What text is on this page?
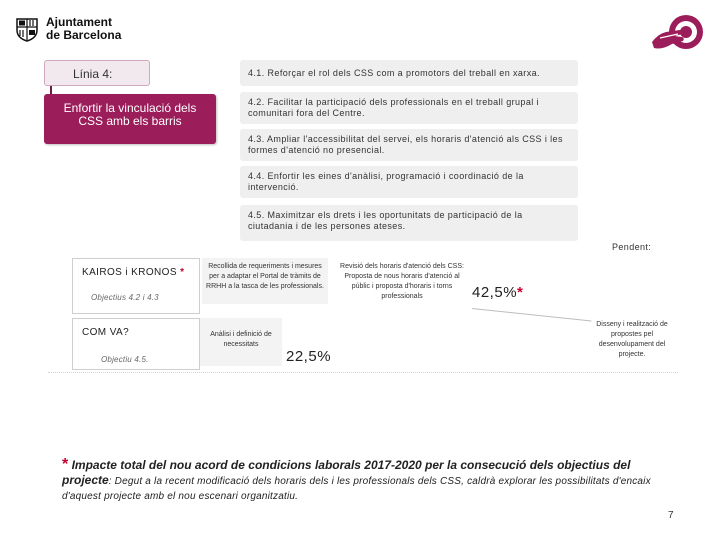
Ajuntament
de Barcelona
Línia 4:
Enfortir la vinculació dels CSS amb els barris
4.1. Reforçar el rol dels CSS com a promotors del treball en xarxa.
4.2. Facilitar la participació dels professionals en el treball grupal i comunitari fora del Centre.
4.3. Ampliar l'accessibilitat del servei, els horaris d'atenció als CSS i les formes d'atenció no presencial.
4.4. Enfortir les eines d'anàlisi, programació i coordinació de la intervenció.
4.5. Maximitzar els drets i les oportunitats de participació de la ciutadania i de les persones ateses.
Pendent:
KAIROS i KRONOS *
Objectius 4.2 i 4.3
COM VA?
Objectiu 4.5.
Recollida de requeriments i mesures per a adaptar el Portal de tràmits de RRHH a la tasca de les professionals.
Revisió dels horaris d'atenció dels CSS: Proposta de nous horaris d'atenció al públic i proposta d'horaris i torns professionals
Anàlisi i definició de necessitats
Disseny i realització de propostes pel desenvolupament del projecte.
42,5%*
22,5%
* Impacte total del nou acord de condicions laborals 2017-2020 per la consecució dels objectius del projecte: Degut a la recent modificació dels horaris dels i les professionals dels CSS, caldrà explorar les possibilitats d'encaix d'aquest projecte amb el nou escenari organitzatiu.
7
